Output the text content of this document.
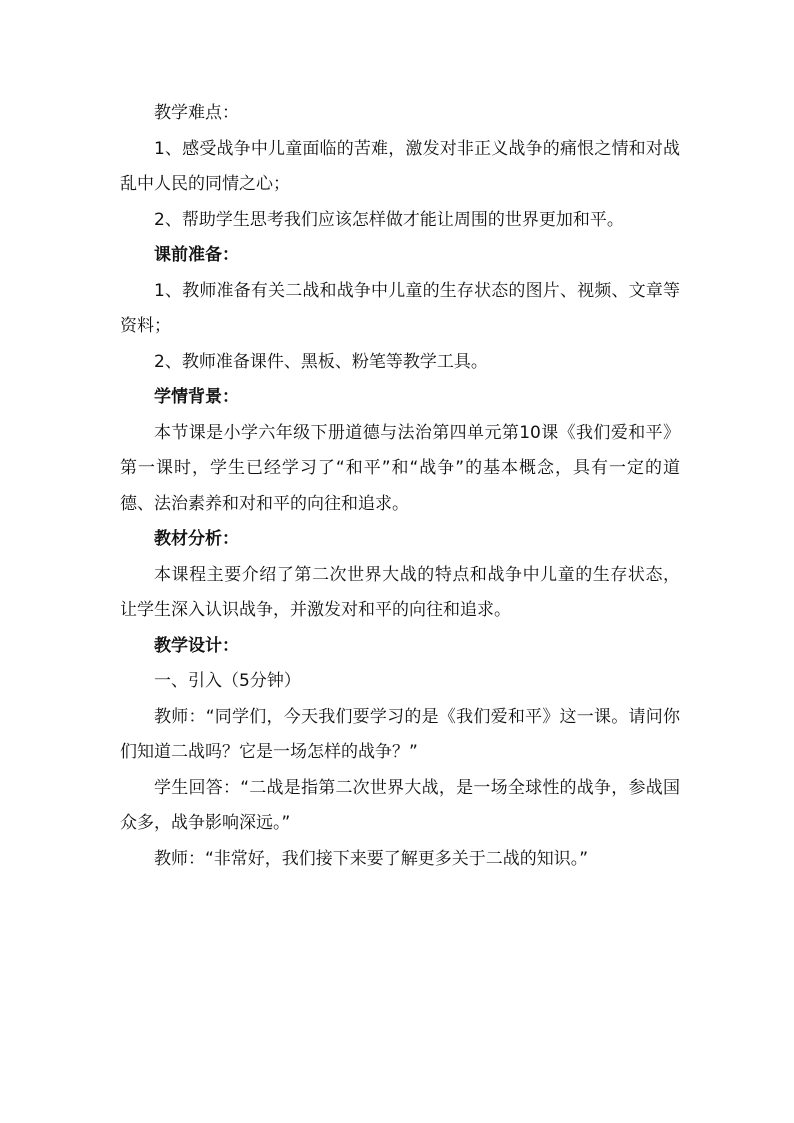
教学难点：

1、感受战争中儿童面临的苦难，激发对非正义战争的痛恨之情和对战乱中人民的同情之心；

2、帮助学生思考我们应该怎样做才能让周围的世界更加和平。

课前准备：

1、教师准备有关二战和战争中儿童的生存状态的图片、视频、文章等资料；

2、教师准备课件、黑板、粉笔等教学工具。

学情背景：

本节课是小学六年级下册道德与法治第四单元第10课《我们爱和平》第一课时，学生已经学习了“和平”和“战争”的基本概念，具有一定的道德、法治素养和对和平的向往和追求。

教材分析：

本课程主要介绍了第二次世界大战的特点和战争中儿童的生存状态，让学生深入认识战争，并激发对和平的向往和追求。

教学设计：

一、引入（5分钟）

教师：“同学们，今天我们要学习的是《我们爱和平》这一课。请问你们知道二战吗？它是一场怎样的战争？”

学生回答：“二战是指第二次世界大战，是一场全球性的战争，参战国众多，战争影响深远。”

教师：“非常好，我们接下来要了解更多关于二战的知识。”
